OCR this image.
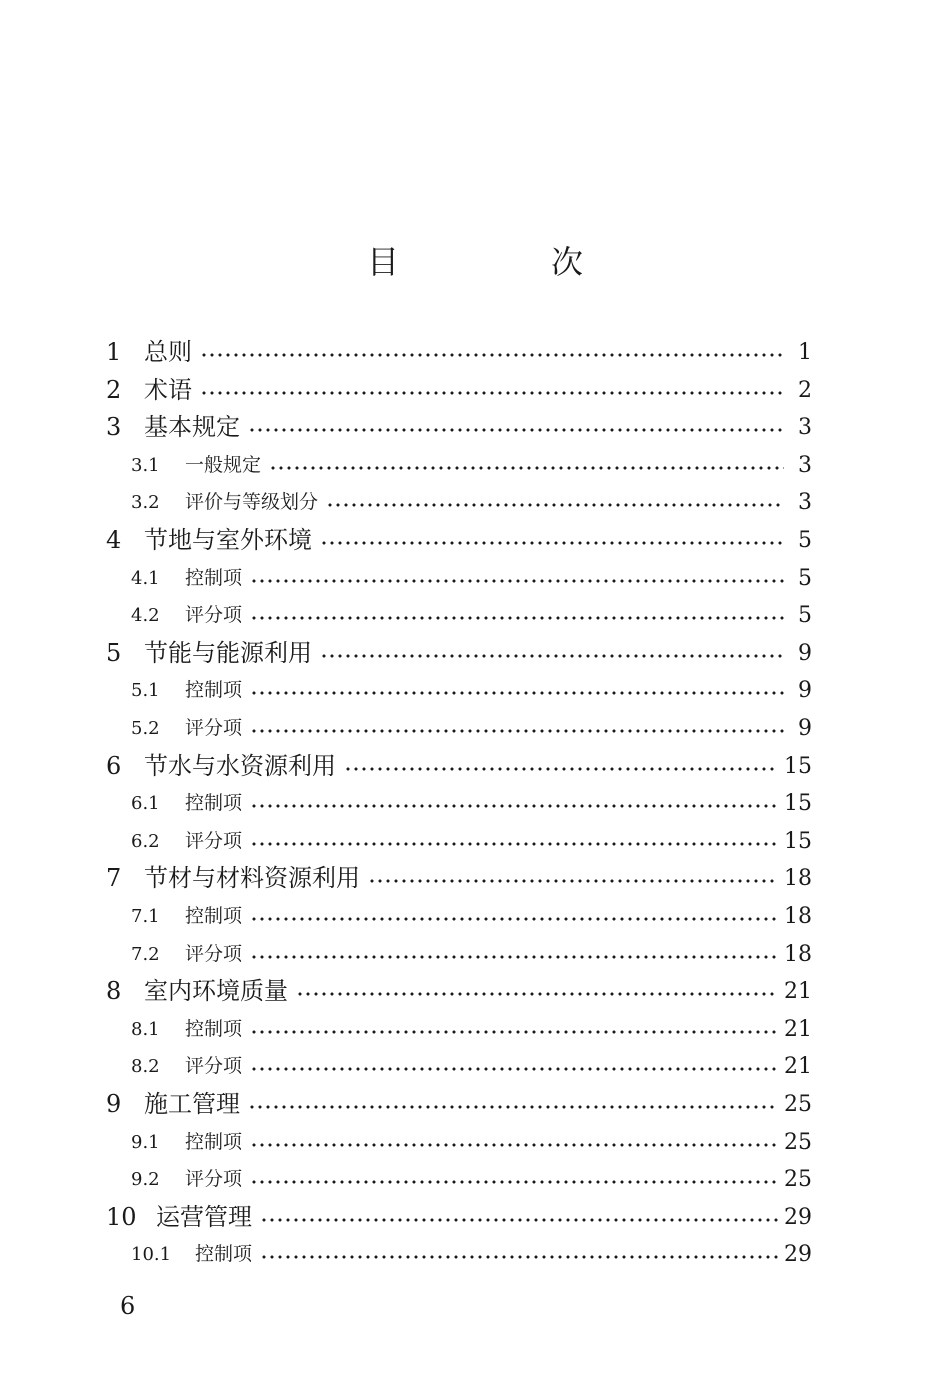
目　次
1 总则	1
2 术语	2
3 基本规定	3
3.1	一般规定	3
3.2	评价与等级划分	3
4 节地与室外环境	5
4.1	控制项	5
4.2	评分项	5
5 节能与能源利用	9
5.1	控制项	9
5.2	评分项	9
6 节水与水资源利用	15
6.1	控制项	15
6.2	评分项	15
7 节材与材料资源利用	18
7.1	控制项	18
7.2	评分项	18
8 室内环境质量	21
8.1	控制项	21
8.2	评分项	21
9 施工管理	25
9.1	控制项	25
9.2	评分项	25
10 运营管理	29
10.1	控制项	29
6
